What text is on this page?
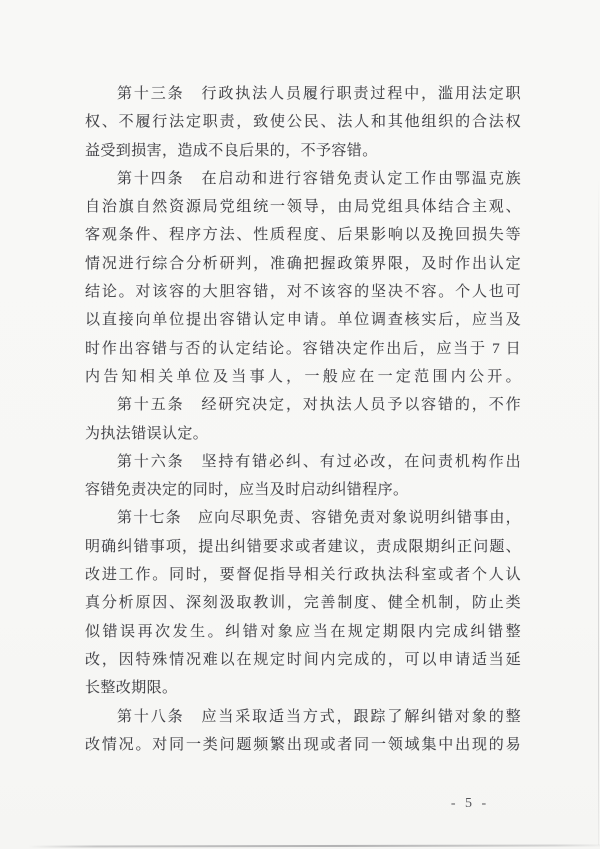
第十三条　行政执法人员履行职责过程中，滥用法定职
权、不履行法定职责，致使公民、法人和其他组织的合法权
益受到损害，造成不良后果的，不予容错。
第十四条　在启动和进行容错免责认定工作由鄂温克族
自治旗自然资源局党组统一领导，由局党组具体结合主观、
客观条件、程序方法、性质程度、后果影响以及挽回损失等
情况进行综合分析研判，准确把握政策界限，及时作出认定
结论。对该容的大胆容错，对不该容的坚决不容。个人也可
以直接向单位提出容错认定申请。单位调查核实后，应当及
时作出容错与否的认定结论。容错决定作出后，应当于 7 日
内告知相关单位及当事人，一般应在一定范围内公开。
第十五条　经研究决定，对执法人员予以容错的，不作
为执法错误认定。
第十六条　坚持有错必纠、有过必改，在问责机构作出
容错免责决定的同时，应当及时启动纠错程序。
第十七条　应向尽职免责、容错免责对象说明纠错事由，
明确纠错事项，提出纠错要求或者建议，责成限期纠正问题、
改进工作。同时，要督促指导相关行政执法科室或者个人认
真分析原因、深刻汲取教训，完善制度、健全机制，防止类
似错误再次发生。纠错对象应当在规定期限内完成纠错整
改，因特殊情况难以在规定时间内完成的，可以申请适当延
长整改期限。
第十八条　应当采取适当方式，跟踪了解纠错对象的整
改情况。对同一类问题频繁出现或者同一领域集中出现的易
- 5 -
